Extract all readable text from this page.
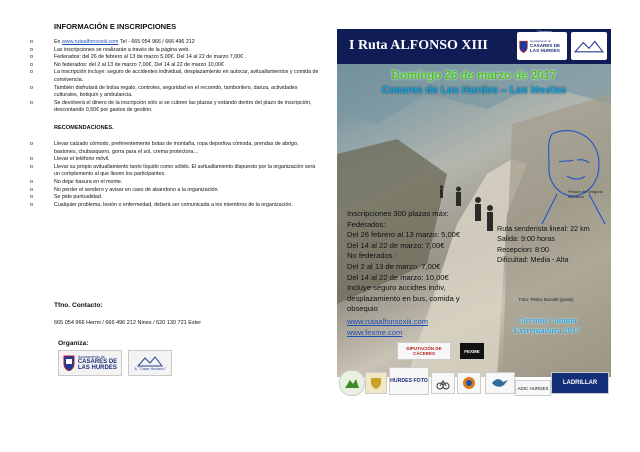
INFORMACIÓN E INSCRIPCIONES
o En www.rutaalfonsoxiii.com Tel - 665 054 966 / 666 496 212
o Las inscripciones se realizarán a través de la página web.
o Federados: del 26 de febrero al 13 de marzo 5,00€. Del 14 al 22 de marzo 7,00€ .
o No federados: del 2 al 13 de marzo 7,00€. Del 14 al 22 de marzo 10,00€
o La inscripción incluye: seguro de accidentes individual, desplazamiento en autocar, avituallamientos y comida de convivencia.
o También disfrutará de bolsa regalo, controles, seguridad en el recorrido, tamborilero, danza, actividades culturales, botiquín y ambulancia.
o Se devolverá el dinero de la inscripción sólo si se cubren las plazas y estando dentro del plazo de inscripción, descontando 0,50€ por gastos de gestión.
RECOMENDACIONES.
o Llevar calzado cómodo, preferentemente botas de montaña, ropa deportiva cómoda, prendas de abrigo, bastones, chubasquero, gorra para el sol, crema protectora…
o Llevar el teléfono móvil.
o Llevar su propio avituallamiento tanto líquido como sólido. El avituallamiento dispuesto por la organización será un complemento al que lleven los participantes.
o No dejar basura en el monte.
o No perder el sendero y avisar en caso de abandono a la organización.
o Se pide puntualidad.
o Cualquier problema, lesión o enfermedad, deberá ser comunicada a los miembros de la organización.
Tfno. Contacto:
665 054 966 Hermi / 666 496 212 Nines / 620 130 721 Ester
Organiza:
Ayuntamiento de
CASARES DE
LAS HURDES	A. "Casar Hurdano"
I Ruta ALFONSO XIII	Ayuntamiento de
CASARES DE
LAS HURDES
Domingo 26 de marzo de 2017
Casares de Las Hurdes – Las Mestas
Pintura de Gregorio Marañón
Inscripciones 300 plazas máx:
Federados:
Del 26 febrero al 13 marzo: 5,00€
Del 14 al 22 de marzo: 7,00€
No federados :
Del 2 al 13 de marzo: 7,00€
Del 14 al 22 de marzo: 10,00€
Incluye seguro accidtes indiv,
desplazamiento en bus, comida y
obsequio
Ruta senderista lineal: 22 km
Salida: 9:00 horas
Recepcion: 8:00
Dificultad: Media - Alta
Foto: Pedro Montiel (gratis)
www.rutaalfonsoxiii.com
www.fexme.com
Circuito Camina
Extremadura 2017
DIPUTACIÓN DE CÁCERES	FEXME
HURDES FOTO	LADRILLAR
ADIC HURDES
